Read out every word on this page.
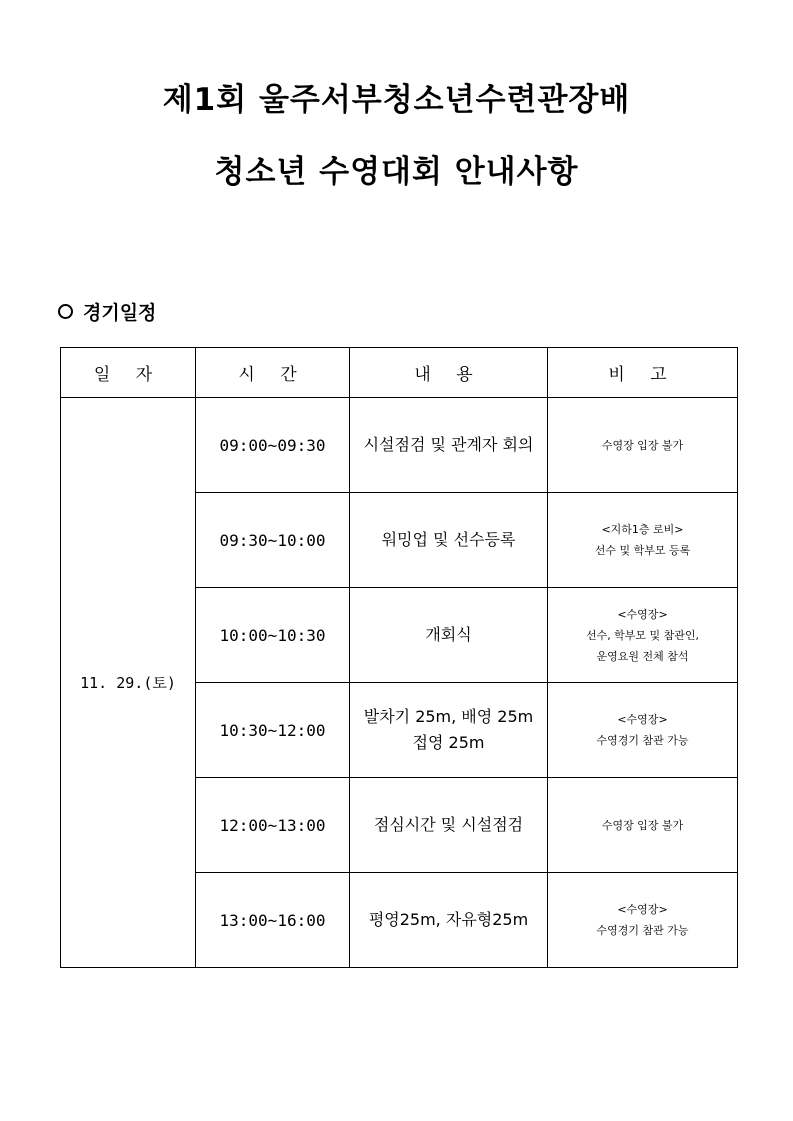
제1회 울주서부청소년수련관장배
청소년 수영대회 안내사항
경기일정
일 자	시 간	내 용	비 고
11. 29.(토)	09:00~09:30	시설점검 및 관계자 회의	수영장 입장 불가

	09:30~10:00	워밍업 및 선수등록	<지하1층 로비>
선수 및 학부모 등록

	10:00~10:30	개회식	<수영장>
선수, 학부모 및 참관인,
운영요원 전체 참석

	10:30~12:00	발차기 25m, 배영 25m
접영 25m	<수영장>
수영경기 참관 가능

	12:00~13:00	점심시간 및 시설점검	수영장 입장 불가

	13:00~16:00	평영25m, 자유형25m	<수영장>
수영경기 참관 가능
